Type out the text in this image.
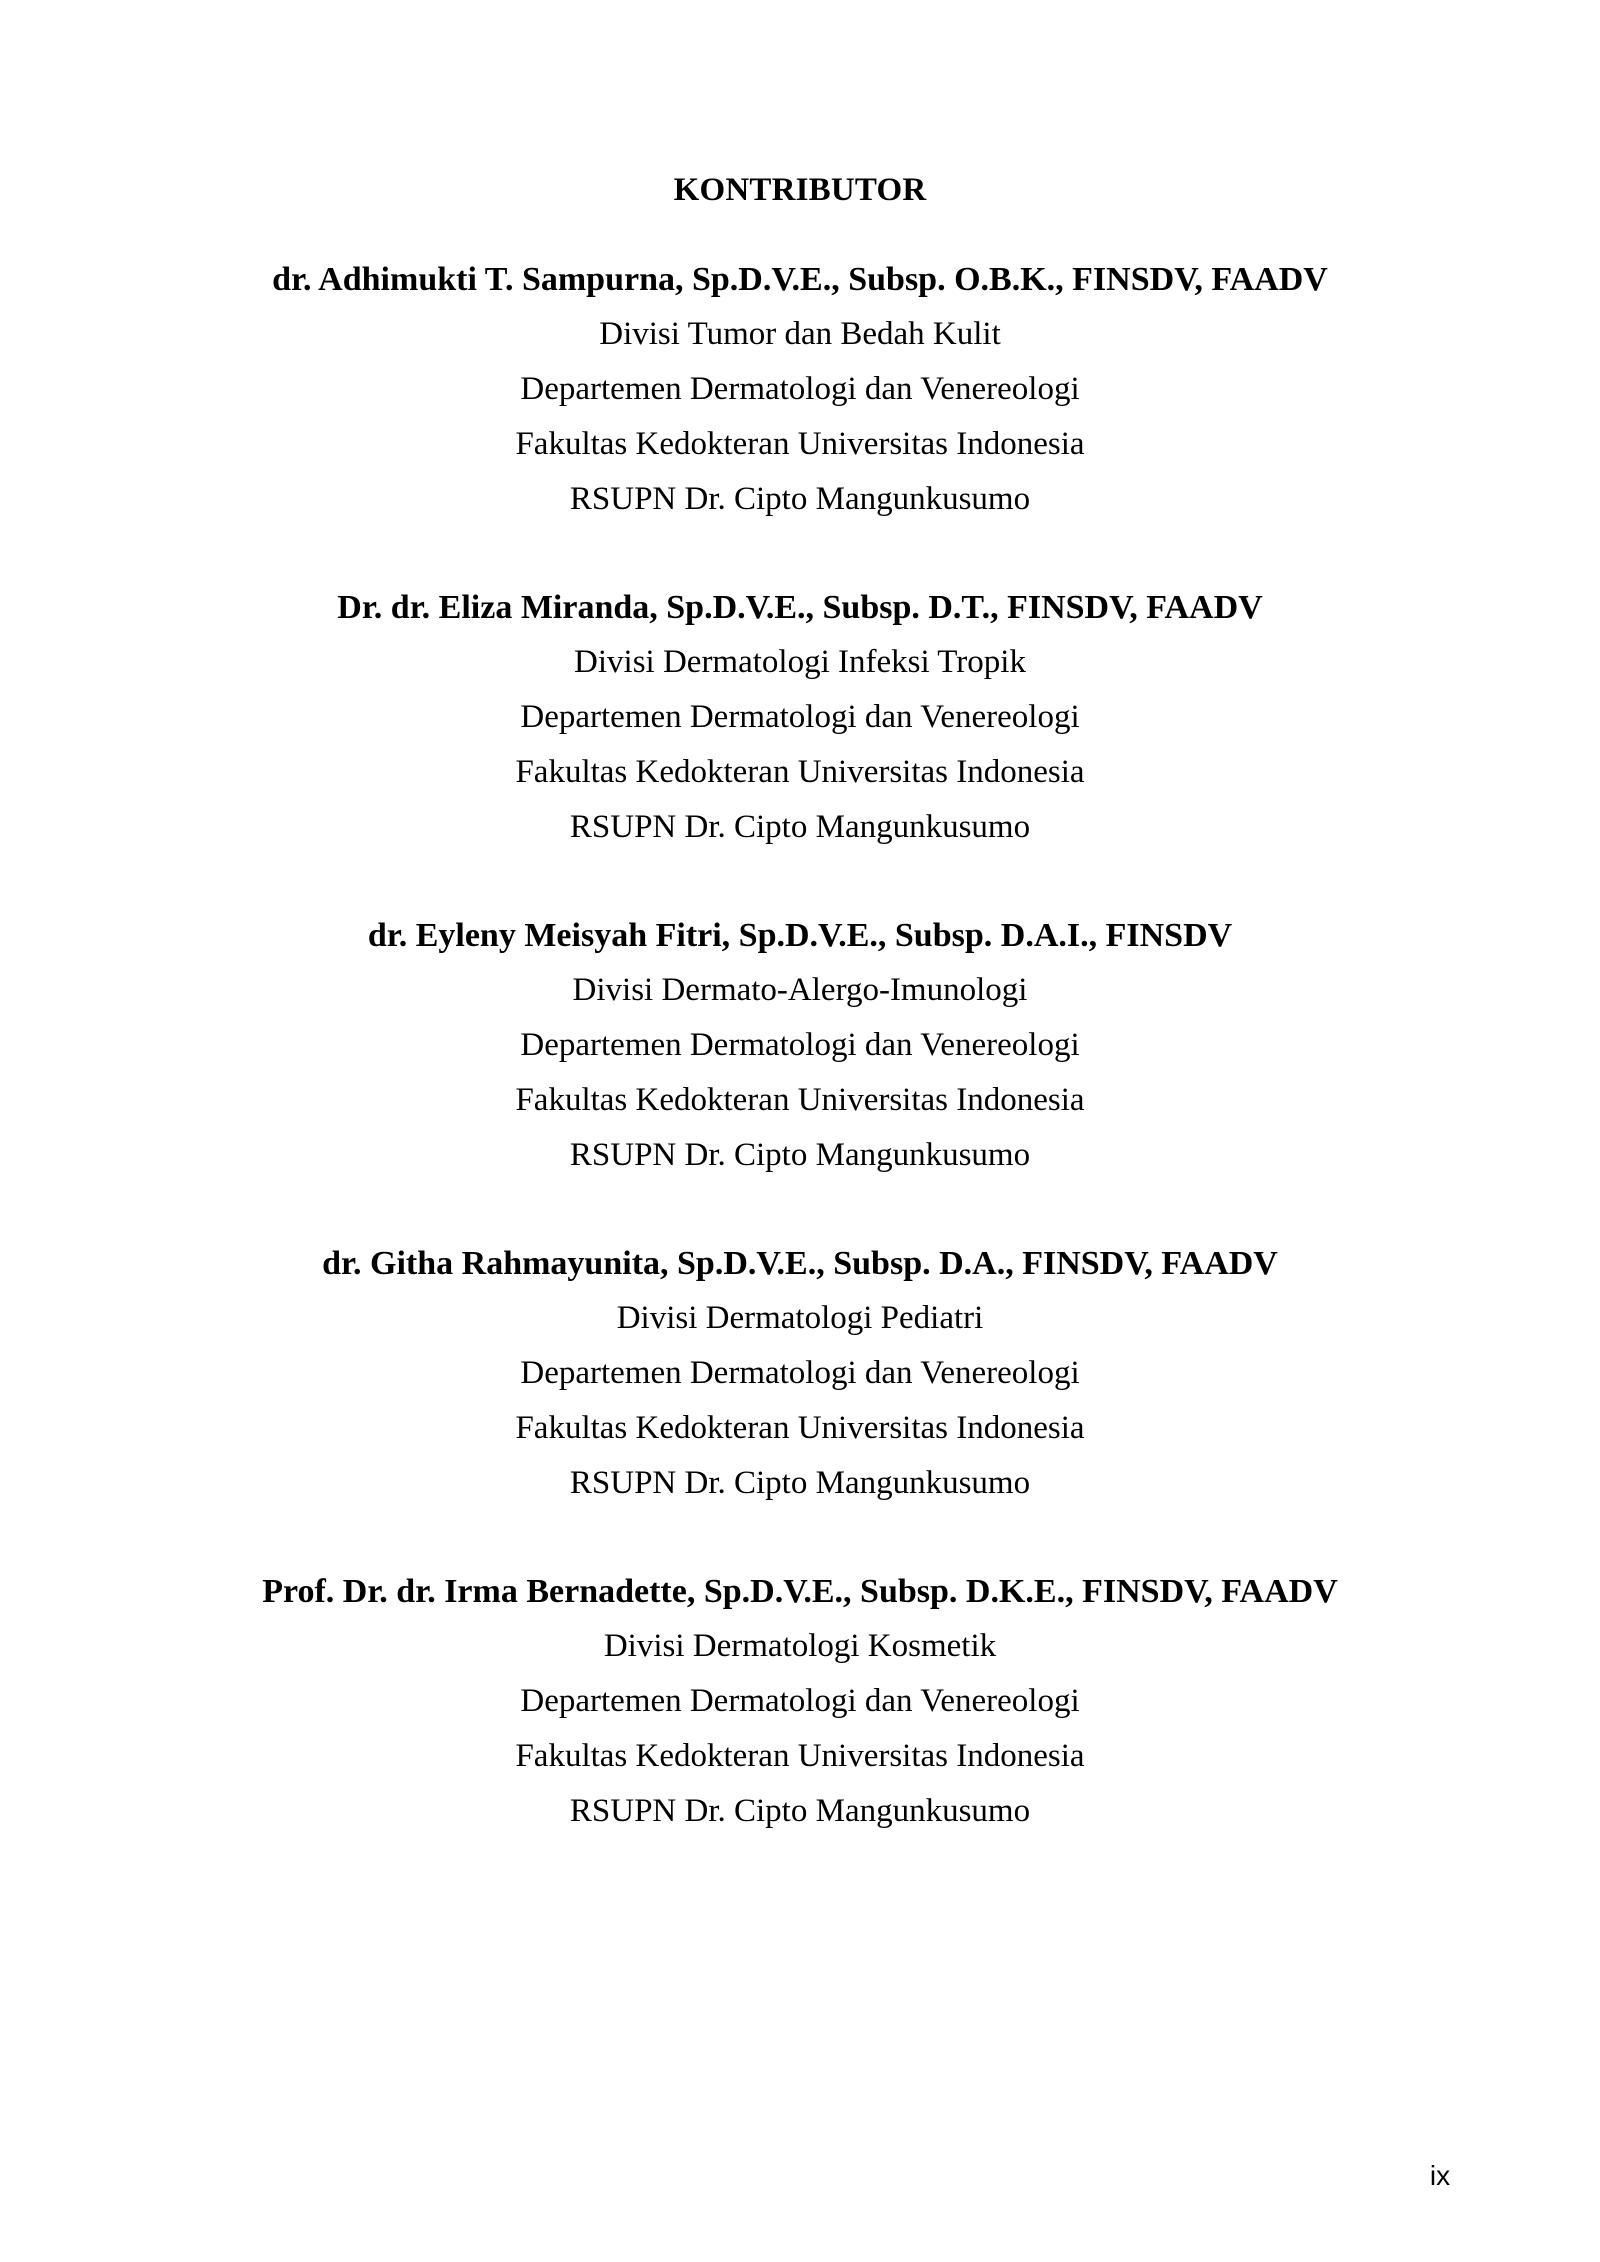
KONTRIBUTOR
dr. Adhimukti T. Sampurna, Sp.D.V.E., Subsp. O.B.K., FINSDV, FAADV
Divisi Tumor dan Bedah Kulit
Departemen Dermatologi dan Venereologi
Fakultas Kedokteran Universitas Indonesia
RSUPN Dr. Cipto Mangunkusumo
Dr. dr. Eliza Miranda, Sp.D.V.E., Subsp. D.T., FINSDV, FAADV
Divisi Dermatologi Infeksi Tropik
Departemen Dermatologi dan Venereologi
Fakultas Kedokteran Universitas Indonesia
RSUPN Dr. Cipto Mangunkusumo
dr. Eyleny Meisyah Fitri, Sp.D.V.E., Subsp. D.A.I., FINSDV
Divisi Dermato-Alergo-Imunologi
Departemen Dermatologi dan Venereologi
Fakultas Kedokteran Universitas Indonesia
RSUPN Dr. Cipto Mangunkusumo
dr. Githa Rahmayunita, Sp.D.V.E., Subsp. D.A., FINSDV, FAADV
Divisi Dermatologi Pediatri
Departemen Dermatologi dan Venereologi
Fakultas Kedokteran Universitas Indonesia
RSUPN Dr. Cipto Mangunkusumo
Prof. Dr. dr. Irma Bernadette, Sp.D.V.E., Subsp. D.K.E., FINSDV, FAADV
Divisi Dermatologi Kosmetik
Departemen Dermatologi dan Venereologi
Fakultas Kedokteran Universitas Indonesia
RSUPN Dr. Cipto Mangunkusumo
ix
